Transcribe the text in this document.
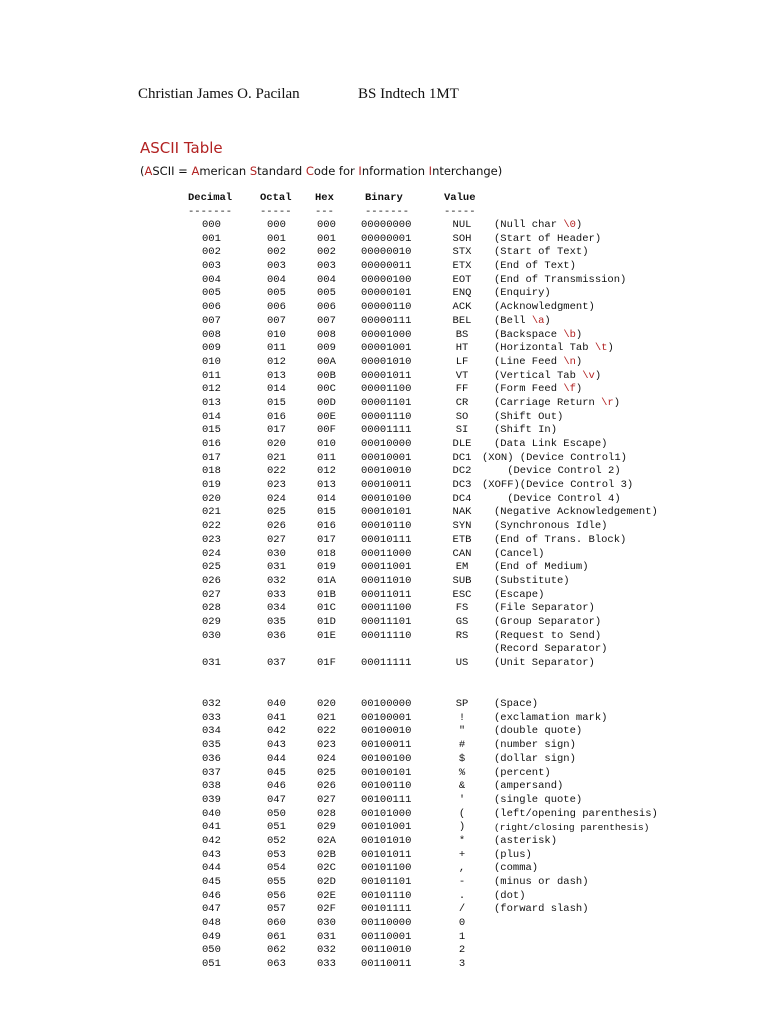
Christian James O. Pacilan	BS Indtech 1MT
ASCII Table
(ASCII = American Standard Code for Information Interchange)
Decimal	Octal Hex	Binary	Value
-------	----- ---	-------	-----
000	000	000 00000000	NUL	(Null char \0)
001	001	001 00000001	SOH	(Start of Header)
002	002	002 00000010	STX	(Start of Text)
003	003	003 00000011	ETX	(End of Text)
004	004	004 00000100	EOT	(End of Transmission)
005	005	005 00000101	ENQ	(Enquiry)
006	006	006 00000110	ACK	(Acknowledgment)
007	007	007 00000111	BEL	(Bell \a)
008	010	008 00001000	BS	(Backspace \b)
009	011	009 00001001	HT	(Horizontal Tab \t)
010	012	00A 00001010	LF	(Line Feed \n)
011	013	00B 00001011	VT	(Vertical Tab \v)
012	014	00C 00001100	FF	(Form Feed \f)
013	015	00D 00001101	CR	(Carriage Return \r)
014	016	00E 00001110	SO	(Shift Out)
015	017	00F 00001111	SI	(Shift In)
016	020	010 00010000	DLE	(Data Link Escape)
017	021	011 00010001	DC1	(XON) (Device Control1)
018	022	012 00010010	DC2	(Device Control 2)
019	023	013 00010011	DC3	(XOFF)(Device Control 3)
020	024	014 00010100	DC4	(Device Control 4)
021	025	015 00010101	NAK	(Negative Acknowledgement)
022	026	016 00010110	SYN	(Synchronous Idle)
023	027	017 00010111	ETB	(End of Trans. Block)
024	030	018 00011000	CAN	(Cancel)
025	031	019 00011001	EM	(End of Medium)
026	032	01A 00011010	SUB	(Substitute)
027	033	01B 00011011	ESC	(Escape)
028	034	01C 00011100	FS	(File Separator)
029	035	01D 00011101	GS	(Group Separator)
030	036	01E 00011110	RS	(Request to Send)
(Record Separator)
031	037	01F 00011111	US	(Unit Separator)
032	040	020 00100000	SP	(Space)
033	041	021 00100001	!	(exclamation mark)
034	042	022 00100010	"	(double quote)
035	043	023 00100011	#	(number sign)
036	044	024 00100100	$	(dollar sign)
037	045	025 00100101	%	(percent)
038	046	026 00100110	&	(ampersand)
039	047	027 00100111	'	(single quote)
040	050	028 00101000	(	(left/opening parenthesis)
041	051	029 00101001	)	(right/closing parenthesis)
042	052	02A 00101010	*	(asterisk)
043	053	02B 00101011	+	(plus)
044	054	02C 00101100	,	(comma)
045	055	02D 00101101	-	(minus or dash)
046	056	02E 00101110	.	(dot)
047	057	02F 00101111	/	(forward slash)
048	060	030 00110000	0
049	061	031 00110001	1
050	062	032 00110010	2
051	063	033 00110011	3
